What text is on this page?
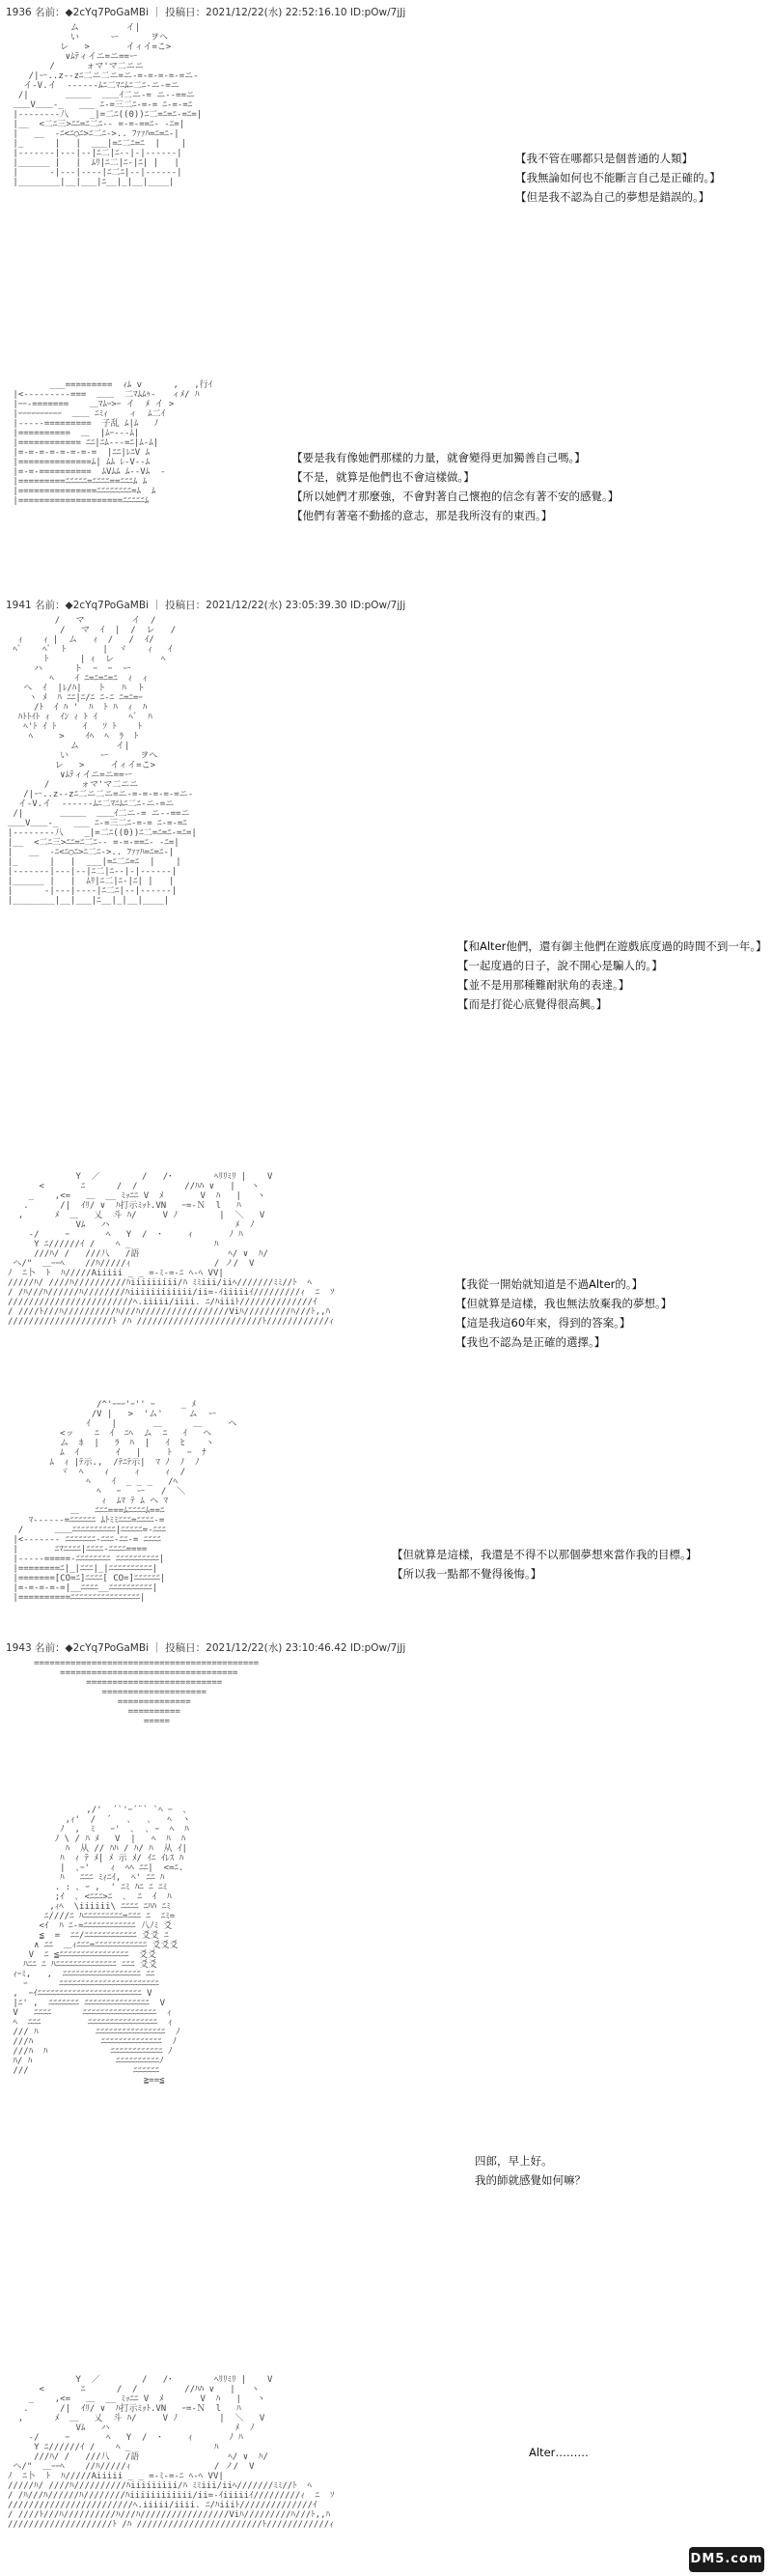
1936 名前：◆2cYq7PoGaMBi ｜ 投稿日：2021/12/22(水) 22:52:16.10 ID:pOw/7jJj
ム         イ|
い      ー      ヲへ
レ   >       イィイ=こ>
∨ﾑﾃィイニ=ニ==ー
/      ォマ'マ二ニニ
/|ー..z--zﾆ二ニ二ニ=ニ-=-=-=-=-=ニ-
イ-V.イ  ------ﾑﾆ二ﾏﾆﾑﾆ二ﾆ-ニ-=ニ
/|       ＿＿＿  ＿＿ｲ二ニ-= ニ--==ニ
＿＿V＿＿-_   ___ ﾆ-=三二ﾆ-=-= ﾆ-=-=ﾆ
|--------八    _|=二ﾆ((0))ﾆ二=ﾆ=ﾆ-=ﾆ=|
|__  <二ﾆ三>ﾆﾆ=ﾆ二ﾆ-- =-=-==ﾆ- -ﾆ=|
|   __  ‐ﾆ<ﾆ○ﾆ>ﾆ二ﾆ->.. ﾌｧｧﾊ=ﾆ=ﾆ-|
|_      |   |  ___|=ﾆ二ﾆ=ﾆ  |    |
|-------|---|--|ﾆ二|ﾆ--|-|------|
|______ |   |  ﾑﾘ|ﾆ二|ﾆ-|ﾆ| |   |
|      -|---|----|ﾆ二ﾆ|--|------|
|________|__|___|ﾆ__|_|__|____|

【我不管在哪都只是個普通的人類】
【我無論如何也不能斷言自己是正確的。】
【但是我不認為自己的夢想是錯誤的。】
___=========  ｨﾑ v      ,   ,行ｲ
|<---------===  ＿＿  二ﾏﾑﾑｩ-   ィﾒ/ ﾊ
|ｰｰ-=======    ＿ﾏﾑｰ>ｰ イ  ﾒ イ >
|ｰｰｰｰｰｰｰｰｰｰ  ＿＿ ﾆﾐｨ    ィ  ﾑ二ｲ
|-----=========  子乱 ﾑ|ﾑ   ﾉ
|==========  ＿  |ﾑｰ---ﾑ|
|============ ﾆﾆ|ﾆﾑ---=ﾆ|ﾑ-ﾑ|
|=-=-=-=-=-=-=-=  |ﾆﾆ|ﾚﾆV ﾑ
|==============ﾑ| ﾑﾑ ﾚ-V--ﾑ
|=-=-==========  ﾑVﾑﾑ ﾑ--Vﾑ  -
|=========ﾆﾆﾆﾆﾆ=ﾆﾆﾆﾆ==ﾆﾆﾆﾑ ﾑ
|===============ﾆﾆﾆﾆﾆﾆﾆﾆ=ﾑ  ﾑ
|====================ﾆﾆﾆﾆﾆﾑ

【要是我有像她們那樣的力量，就會變得更加獨善自己嗎。】
【不是，就算是他們也不會這樣做。】
【所以她們才那麼強，不會對著自己懷抱的信念有著不安的感覺。】
【他們有著毫不動搖的意志，那是我所沒有的東西。】
1941 名前：◆2cYq7PoGaMBi ｜ 投稿日：2021/12/22(水) 23:05:39.30 ID:pOw/7jJj
/   マ         イ  /
/   マ  ｲ  |  /  レ   /
ｨ    ｨ |  ム   ｨ  /   /  ｲ/
ﾍﾞ    ﾍﾞ  ﾄ       |  ヾ    ｨ   ｲ
ﾄ      | ｨ  レ         ﾍ
ハ      ト  ｰ  ｰ  ー
ﾍ    ｲ ﾆ=ﾆ=ﾆ=ﾆ  ｨ  ｨ
ヘ  ｲ  |ﾚ/ﾊ|   ト   ﾊ  ト
ヽ ﾒ  ﾊ ﾆﾆ|ﾆ/ﾆ ﾆ-ﾆ ﾆ=ﾆ=ｰ
/ﾄ  ｲ ﾊ '  ﾊ  ﾄ ﾊ  ｨ  ﾊ
ﾊﾄﾄｲﾄ ｨ  ｲﾝ ｨ ﾄ ｲ      ﾍﾞ  ﾊ
ﾍ'ﾄ ｲ ﾄ     ｲ   ｿ ﾄ    ﾄ
ﾍ     >    ｲﾍ  ﾍ  ﾗ  ﾄ
ム       イ|
い      ー      ヲへ
レ   >     イィイ=こ>
∨ﾑﾃィイニ=ニ==ー
/      ォマ'マ二ニニ
/|ー..z--zﾆ二ニ二ニ=ニ-=-=-=-=-=ニ-
イ-V.イ  ------ﾑﾆ二ﾏﾆﾑﾆ二ﾆ-ニ-=ニ
/|       ＿＿＿  ＿＿ｲ二ニ-= ニ--==ニ
＿＿V＿＿-_   ___ ﾆ-=三二ﾆ-=-= ﾆ-=-=ﾆ
|--------八    _|=二ﾆ((0))ﾆ二=ﾆ=ﾆ-=ﾆ=|
|__  <二ﾆ三>ﾆﾆ=ﾆ二ﾆ-- =-=-==ﾆ- -ﾆ=|
|   __  ‐ﾆ<ﾆ○ﾆ>ﾆ二ﾆ->.. ﾌｧｧﾊ=ﾆ=ﾆ-|
|_      |   |  ___|=ﾆ二ﾆ=ﾆ  |    |
|-------|---|--|ﾆ二|ﾆ--|-|------|
|______ |   |  ﾑﾘ|ﾆ二|ﾆ-|ﾆ| |   |
|      -|---|----|ﾆ二ﾆ|--|------|
|________|__|___|ﾆ__|_|__|____|

【和Alter他們，還有御主他們在遊戲底度過的時間不到一年。】
【一起度過的日子，說不開心是騙人的。】
【並不是用那種難耐狀角的表達。】
【而是打從心底覺得很高興。】
Y  ／        /   /･        ﾍﾘﾘﾐﾘ |    V
<       ﾆ      /  /         //ﾊﾊ ∨   |   ヽ
_    ,<=   ＿  __ ﾐｯﾆﾆ V  ﾒ       V  ﾊ   |   ヽ
.      /|  ｲﾘ/ ∨  ﾊ打示ﾐｯﾄ.VN   ｰ=-Ｎ  l   ﾊ
,      ﾒ  ＿   乂  斗 ﾊ/     V ﾉ        |  ＼   V
Vﾑ   ハ                        ﾒ  ﾉ
-/     ｰ       ﾍ   Y  /  ･     ｨ       ﾉ ﾊ
Y ﾆ//////ｲ /    ﾍ _                ﾊ
///ﾊ/ /   ///八   /語                 ﾍ/ ∨  ﾊ/
ヘ/"  ＿ｰｰﾍ    //ﾊ/////ｨ                / ノ/  V
ﾉ  ﾆ卜  ﾄ  ﾊ/////Aiiiii _ _ =-ﾐ-=-ﾆ ﾍ-ﾍ VV|
/////ﾊ/ ////ﾊ//////////ﾊiiiiiiiii/ﾊ ﾐﾐiii/iiﾍ///////ﾐﾐ//ﾄ  ﾍ
/ /ﾊ///ﾊ//////ﾊ////////ﾊiiiiiiiiiiii/ii=-ｲiiiiiｲ/////////ｨ  ﾆ  ｿ
////////////////////////ﾍ.iiiii/iiii. ﾆ/ﾊiiiﾄ//////////////ｲ
/ ////ﾄ///ﾊ//////////ﾊ///ﾊ/////////////////Viﾊ/////////ﾊ///ﾄ,,ﾊ
////////////////////ﾄ /ﾊ ////////////////////////ﾄ////////////ｨ

【我從一開始就知道是不過Alter的。】
【但就算是這樣，我也無法放棄我的夢想。】
【這是我這60年來，得到的答案。】
【我也不認為是正確的選擇。】
/^'ｰｰｰ'ｰ'' ｰ     _ ﾒ
/V |   >  'ム'     ム  ー
ｲ    |       ＿      ＿     ヘ
<ッ    ﾆ  ｲ  ﾆﾍ  ム  ﾆ   ｲ   ヘ
ム  ﾎ  |   ﾗ  ﾊ  |   ｲ  ﾋ    ヽ
ﾑ  ｲ       ｲ   |     ﾄ   ｰ  ﾅ
ﾑ  ｨ |ﾃ示.,  /ﾃﾆﾃ示|  ﾏ ﾉ  ﾉ  ﾉ
ヾ  ﾍ    ｨ     ｨ     ｨ  /
ﾍ    ｲ  _ _ _   /ﾍ
ﾍ   ｰ   ー   /  ＼
ｨ  ﾑﾏ ﾃ ﾑ ヘ ﾏ
＿   ﾆﾆﾆ===ﾑﾆﾆﾆﾆﾑ==ﾆ
ﾏ------=ﾆﾆﾆﾆﾆﾆ ﾑﾄﾐﾐﾆﾆﾆ=ﾆﾆﾆﾆ-=
/      ＿＿ﾆﾆﾆﾆﾆﾆﾆﾆﾆﾆ|ﾆﾆﾆﾆﾆ=-ﾆﾆﾆ
|<------- ﾆﾆﾆﾆﾆﾆﾆ-ﾆﾆﾆ-ﾆﾆ-= ﾆﾆﾆﾆ
|       ﾆﾏﾆﾆﾆﾆ|ﾆﾆﾆﾆ-ﾆﾆﾆﾆ====
|-----=====-ﾆﾆﾆﾆﾆﾆﾆﾆ ﾆﾆﾆﾆﾆﾆﾆﾆﾆﾆ|
|========ﾆ|_|ﾆﾆﾆ|_|ﾆﾆﾆﾆﾆﾆﾆﾆﾆﾆ|
|=======[CO=ﾆ]ﾆﾆﾆﾆ[ CO=]ﾆﾆﾆﾆﾆﾆ|
|=-=-=-=-=|__ﾆﾆﾆﾆ__ﾆﾆﾆﾆﾆﾆﾆﾆﾆﾆ|
|==========ﾆﾆﾆﾆﾆﾆﾆﾆﾆﾆﾆﾆﾆﾆﾆﾆ|

【但就算是這樣，我還是不得不以那個夢想來當作我的目標。】
【所以我一點都不覺得後悔。】
1943 名前：◆2cYq7PoGaMBi ｜ 投稿日：2021/12/22(水) 23:10:46.42 ID:pOw/7jJj
===========================================
==================================
==========================
====================
==============
==========
=====

,/'  ´`'ｰ´¨` `ﾍ ｰ  ､
,ｨ'  /  ´   ､   ､   ﾍ  ヽ
ﾉ  ,  ﾐ   ｰ'  ､  ､ ｰ  ﾍ  ﾊ
ﾉ \ / ﾊ ﾒ   V  |   ﾍ  ﾊ  ﾊ
ﾊ  从 // ﾊﾊ / ﾊ/ ﾊ  从 ｲ|
ﾊ  ｨ ﾃ ﾒ| ﾒ 示 ﾒ/ ｲﾆ ｲﾚｽ ﾊ
|  ､ｰ'    ｨ  ﾍﾍ ﾆﾆ|  <=ﾆ.
ﾊ   ﾆﾆﾆ ﾐｨﾆｲ,  ﾍ' ﾆﾆ ﾊ
. : ､ ｰ ,  ' ﾆﾐ ﾊﾆ ﾆ ﾆﾐ
;ｲ  ､ <ﾆﾆﾆ>ﾆ  ､  ﾆ  ｲ  ﾊ
,ｨﾍ  \iiiiii\ ﾆﾆﾆﾆ ﾆﾊﾊ ﾆﾐ
ﾆ////ﾆ ﾊﾆﾆﾆﾆﾆﾆﾆﾆﾆ=ﾆﾆﾆ ﾆ  ﾆﾐ=
<ｲ  ﾊ ﾆ-=ﾆﾆﾆﾆﾆﾆﾆﾆﾆﾆﾆﾆ 八ﾉﾐ 爻
≦  =  ﾆﾆ/ﾆﾆﾆﾆﾆﾆﾆﾆﾆﾆﾆﾆ 爻爻 ﾆ
∧ ﾆﾆ  ＿ｨﾆﾆﾆ=ﾆﾆﾆﾆﾆﾆﾆﾆﾆﾆﾆﾆ 爻爻爻
V  ﾆ ≦ﾆﾆﾆﾆﾆﾆﾆﾆﾆﾆﾆﾆﾆﾆﾆﾆ  爻爻
ﾊﾆﾆ ﾆ ﾊﾆﾆﾆﾆﾆﾆﾆﾆﾆﾆﾆﾆﾆﾆ ﾆﾆﾆ 爻爻
ｨｰﾐ,   ,  ﾆﾆﾆﾆﾆﾆﾆﾆﾆﾆﾆﾆﾆﾆﾆﾆﾆﾆ ﾆﾆ
ｰ      ﾆﾆﾆﾆﾆﾆﾆﾆﾆﾆﾆﾆﾆﾆﾆﾆﾆﾆﾆﾆﾆﾆﾆ
,  ｰｲﾆﾆﾆﾆﾆﾆﾆﾆﾆﾆﾆﾆﾆﾆﾆﾆﾆﾆﾆﾆﾆﾆﾆﾆ V
|ﾆ' ,  ﾆﾆﾆﾆﾆﾆﾆ ﾆﾆﾆﾆﾆﾆﾆﾆﾆﾆﾆﾆﾆﾆﾆ  V
V   ﾆﾆﾆﾆ      ﾆﾆﾆﾆﾆﾆﾆﾆﾆﾆﾆﾆﾆﾆﾆﾆﾆ  ｨ
ﾍ  ﾆﾆﾆ         ﾆﾆﾆﾆﾆﾆﾆﾆﾆﾆﾆﾆﾆﾆﾆﾆ  ｨ
/// ﾊ           ﾆﾆﾆﾆﾆﾆﾆﾆﾆﾆﾆﾆﾆﾆﾆﾆ  ﾉ
///ﾊ             ﾆﾆﾆﾆﾆﾆﾆﾆﾆﾆﾆﾆﾆﾆ  ﾉ
///ﾊ  ﾊ            ﾆﾆﾆﾆﾆﾆﾆﾆﾆﾆﾆﾆ ﾉ
ﾊ/ ﾊ                ﾆﾆﾆﾆﾆﾆﾆﾆﾆﾆﾉ
///                    ﾆﾆﾆﾆﾆﾆ
≧==≦

四郎，早上好。
我的師就感覺如何嘛？
Y  ／        /   /･        ﾍﾘﾘﾐﾘ |    V
<       ﾆ      /  /         //ﾊﾊ ∨   |   ヽ
_    ,<=   ＿  __ ﾐｯﾆﾆ V  ﾒ       V  ﾊ   |   ヽ
.      /|  ｲﾘ/ ∨  ﾊ打示ﾐｯﾄ.VN   ｰ=-Ｎ  l   ﾊ
,      ﾒ  ＿   乂  斗 ﾊ/     V ﾉ        |  ＼   V
Vﾑ   ハ                        ﾒ  ﾉ
-/     ｰ       ﾍ   Y  /  ･     ｨ       ﾉ ﾊ
Y ﾆ//////ｲ /    ﾍ _                ﾊ
///ﾊ/ /   ///八   /語                 ﾍ/ ∨  ﾊ/
ヘ/"  ＿ｰｰﾍ    //ﾊ/////ｨ                / ノ/  V
ﾉ  ﾆ卜  ﾄ  ﾊ/////Aiiiii _ _ =-ﾐ-=-ﾆ ﾍ-ﾍ VV|
/////ﾊ/ ////ﾊ//////////ﾊiiiiiiiii/ﾊ ﾐﾐiii/iiﾍ///////ﾐﾐ//ﾄ  ﾍ
/ /ﾊ///ﾊ//////ﾊ////////ﾊiiiiiiiiiiii/ii=-ｲiiiiiｲ/////////ｨ  ﾆ  ｿ
////////////////////////ﾍ.iiiii/iiii. ﾆ/ﾊiiiﾄ//////////////ｲ
/ ////ﾄ///ﾊ//////////ﾊ///ﾊ/////////////////Viﾊ/////////ﾊ///ﾄ,,ﾊ
////////////////////ﾄ /ﾊ ////////////////////////ﾄ////////////ｨ

Alter………
DM5.com
